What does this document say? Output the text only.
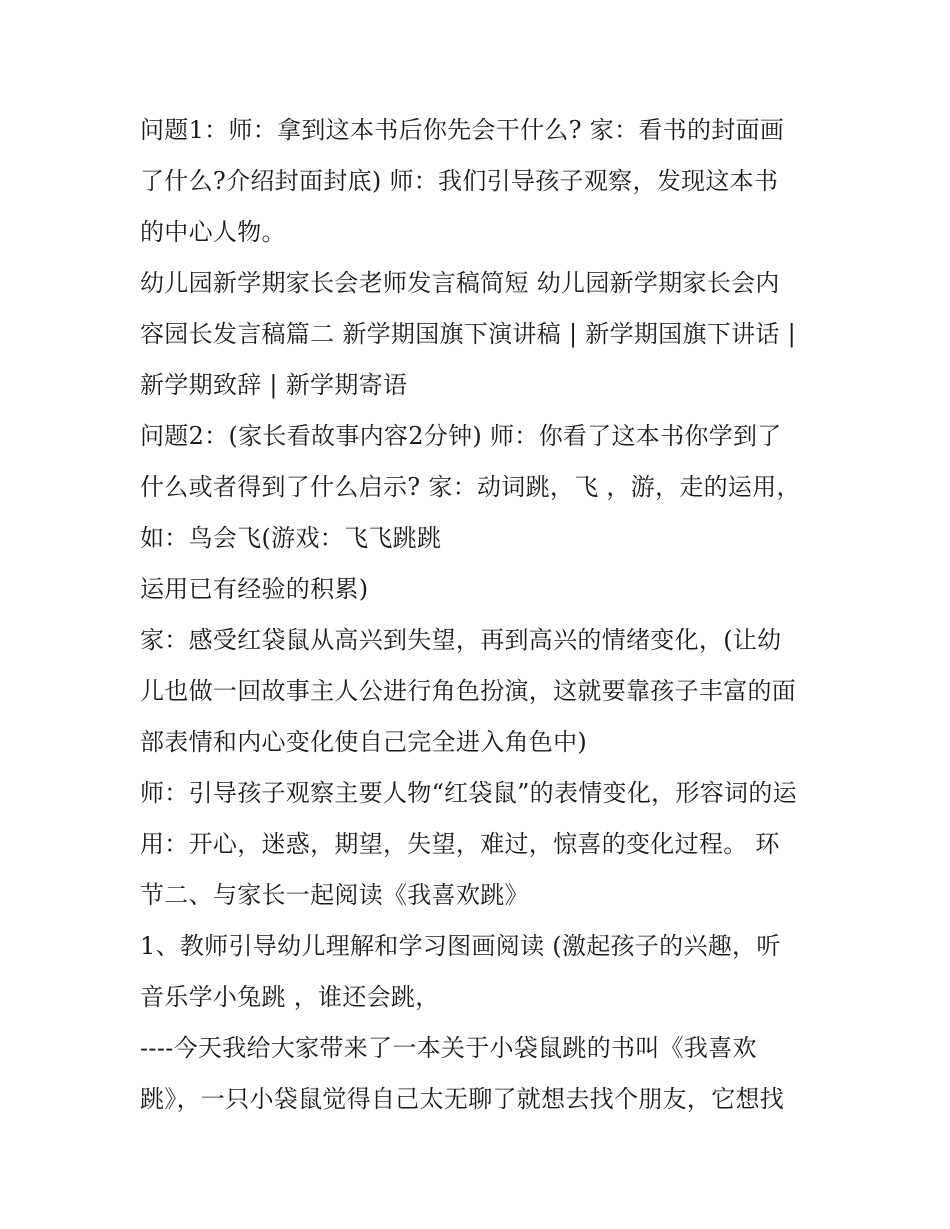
问题1：师：拿到这本书后你先会干什么? 家：看书的封面画
了什么?介绍封面封底) 师：我们引导孩子观察，发现这本书
的中心人物。
幼儿园新学期家长会老师发言稿简短 幼儿园新学期家长会内
容园长发言稿篇二 新学期国旗下演讲稿 | 新学期国旗下讲话 |
新学期致辞 | 新学期寄语
问题2：(家长看故事内容2分钟) 师：你看了这本书你学到了
什么或者得到了什么启示? 家：动词跳，飞 ，游，走的运用，
如：鸟会飞(游戏：飞飞跳跳
运用已有经验的积累)
家：感受红袋鼠从高兴到失望，再到高兴的情绪变化，(让幼
儿也做一回故事主人公进行角色扮演，这就要靠孩子丰富的面
部表情和内心变化使自己完全进入角色中)
师：引导孩子观察主要人物“红袋鼠”的表情变化，形容词的运
用：开心，迷惑，期望，失望，难过，惊喜的变化过程。 环
节二、与家长一起阅读《我喜欢跳》
1、教师引导幼儿理解和学习图画阅读 (激起孩子的兴趣，听
音乐学小兔跳 ，谁还会跳，
----今天我给大家带来了一本关于小袋鼠跳的书叫《我喜欢
跳》，一只小袋鼠觉得自己太无聊了就想去找个朋友，它想找
